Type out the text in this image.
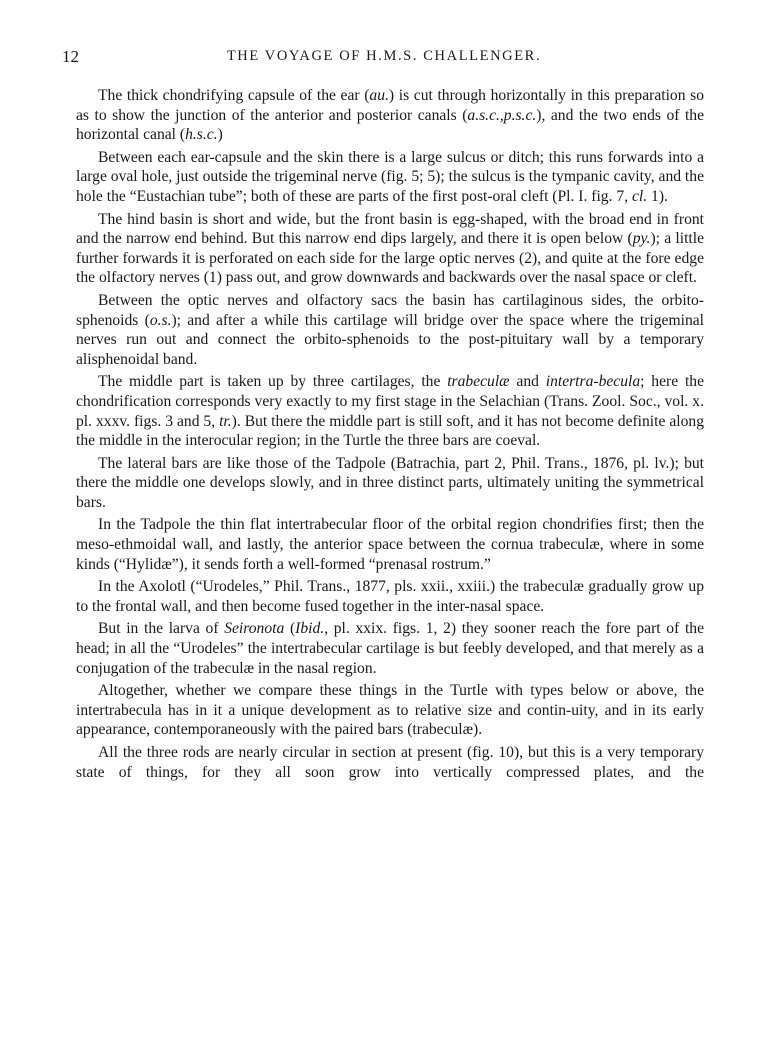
12	THE VOYAGE OF H.M.S. CHALLENGER.

The thick chondrifying capsule of the ear (au.) is cut through horizontally in this preparation so as to show the junction of the anterior and posterior canals (a.s.c.,p.s.c.), and the two ends of the horizontal canal (h.s.c.)

Between each ear-capsule and the skin there is a large sulcus or ditch; this runs forwards into a large oval hole, just outside the trigeminal nerve (fig. 5; 5); the sulcus is the tympanic cavity, and the hole the “Eustachian tube”; both of these are parts of the first post-oral cleft (Pl. I. fig. 7, cl. 1).

The hind basin is short and wide, but the front basin is egg-shaped, with the broad end in front and the narrow end behind. But this narrow end dips largely, and there it is open below (py.); a little further forwards it is perforated on each side for the large optic nerves (2), and quite at the fore edge the olfactory nerves (1) pass out, and grow downwards and backwards over the nasal space or cleft.

Between the optic nerves and olfactory sacs the basin has cartilaginous sides, the orbito-sphenoids (o.s.); and after a while this cartilage will bridge over the space where the trigeminal nerves run out and connect the orbito-sphenoids to the post-pituitary wall by a temporary alisphenoidal band.

The middle part is taken up by three cartilages, the trabeculæ and intertra-becula; here the chondrification corresponds very exactly to my first stage in the Selachian (Trans. Zool. Soc., vol. x. pl. xxxv. figs. 3 and 5, tr.). But there the middle part is still soft, and it has not become definite along the middle in the interocular region; in the Turtle the three bars are coeval.

The lateral bars are like those of the Tadpole (Batrachia, part 2, Phil. Trans., 1876, pl. lv.); but there the middle one develops slowly, and in three distinct parts, ultimately uniting the symmetrical bars.

In the Tadpole the thin flat intertrabecular floor of the orbital region chondrifies first; then the meso-ethmoidal wall, and lastly, the anterior space between the cornua trabeculæ, where in some kinds (“Hylidæ”), it sends forth a well-formed “prenasal rostrum.”

In the Axolotl (“Urodeles,” Phil. Trans., 1877, pls. xxii., xxiii.) the trabeculæ gradually grow up to the frontal wall, and then become fused together in the inter-nasal space.

But in the larva of Seironota (Ibid., pl. xxix. figs. 1, 2) they sooner reach the fore part of the head; in all the “Urodeles” the intertrabecular cartilage is but feebly developed, and that merely as a conjugation of the trabeculæ in the nasal region.

Altogether, whether we compare these things in the Turtle with types below or above, the intertrabecula has in it a unique development as to relative size and contin-uity, and in its early appearance, contemporaneously with the paired bars (trabeculæ).

All the three rods are nearly circular in section at present (fig. 10), but this is a very temporary state of things, for they all soon grow into vertically compressed plates, and the
